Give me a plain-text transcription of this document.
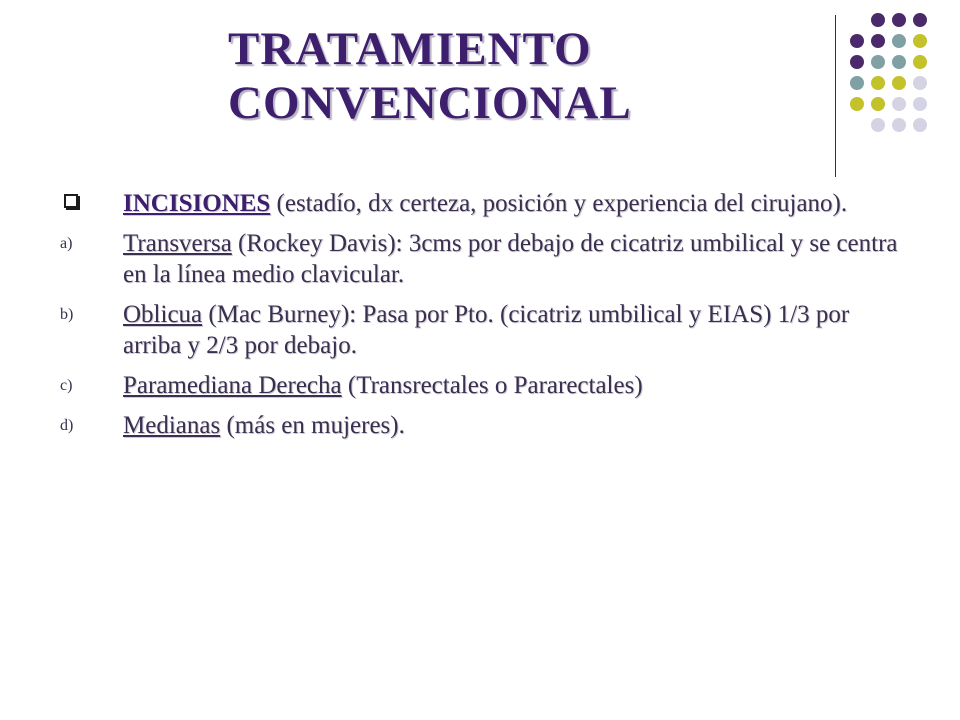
TRATAMIENTO
CONVENCIONAL
INCISIONES (estadío, dx certeza, posición y experiencia del cirujano).
a)	Transversa (Rockey Davis): 3cms por debajo de cicatriz umbilical y se centra en la línea medio clavicular.
b)	Oblicua (Mac Burney): Pasa por Pto. (cicatriz umbilical y EIAS) 1/3 por arriba y 2/3 por debajo.
c)	Paramediana Derecha (Transrectales o Pararectales)
d)	Medianas (más en mujeres).
